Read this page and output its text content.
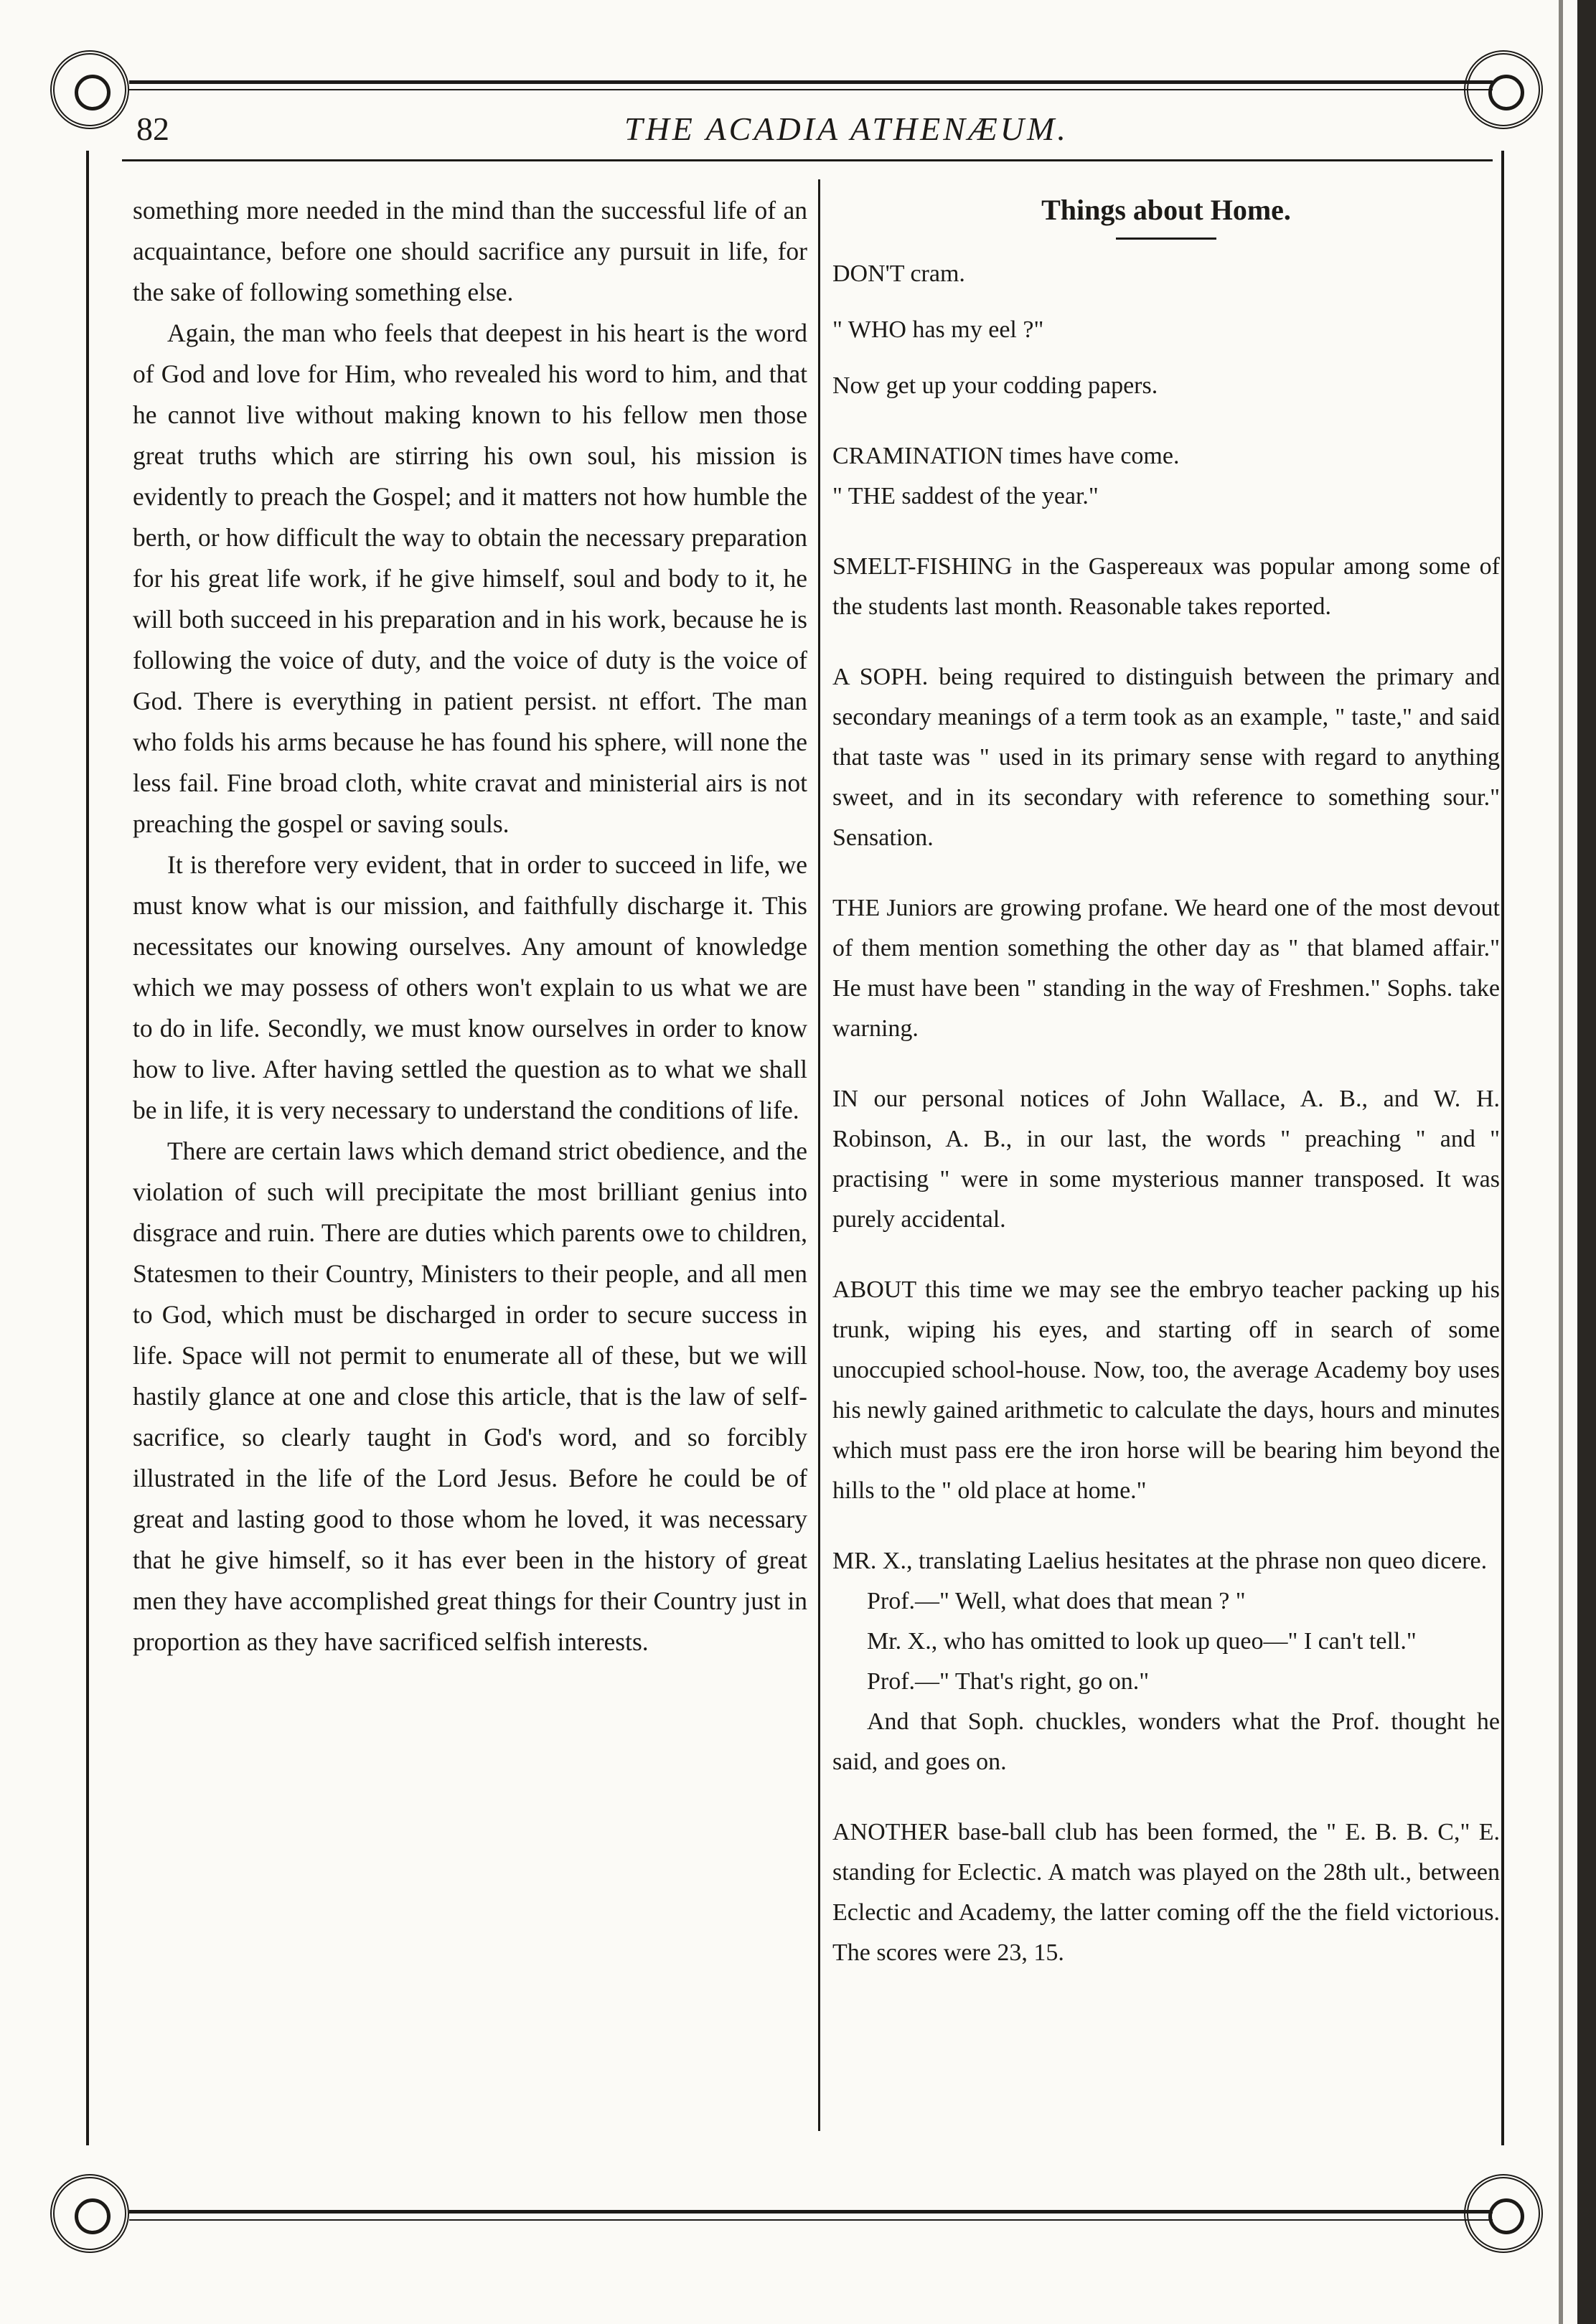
82	THE ACADIA ATHENÆUM.

something more needed in the mind than the successful life of an acquaintance, before one should sacrifice any pursuit in life, for the sake of following something else.

Again, the man who feels that deepest in his heart is the word of God and love for Him, who revealed his word to him, and that he cannot live without making known to his fellow men those great truths which are stirring his own soul, his mission is evidently to preach the Gospel; and it matters not how humble the berth, or how difficult the way to obtain the necessary preparation for his great life work, if he give himself, soul and body to it, he will both succeed in his preparation and in his work, because he is following the voice of duty, and the voice of duty is the voice of God. There is everything in patient persist. nt effort. The man who folds his arms because he has found his sphere, will none the less fail. Fine broad cloth, white cravat and ministerial airs is not preaching the gospel or saving souls.

It is therefore very evident, that in order to succeed in life, we must know what is our mission, and faithfully discharge it. This necessitates our knowing ourselves. Any amount of knowledge which we may possess of others won't explain to us what we are to do in life. Secondly, we must know ourselves in order to know how to live. After having settled the question as to what we shall be in life, it is very necessary to understand the conditions of life.

There are certain laws which demand strict obedience, and the violation of such will precipitate the most brilliant genius into disgrace and ruin. There are duties which parents owe to children, Statesmen to their Country, Ministers to their people, and all men to God, which must be discharged in order to secure success in life. Space will not permit to enumerate all of these, but we will hastily glance at one and close this article, that is the law of self-sacrifice, so clearly taught in God's word, and so forcibly illustrated in the life of the Lord Jesus. Before he could be of great and lasting good to those whom he loved, it was necessary that he give himself, so it has ever been in the history of great men they have accomplished great things for their Country just in proportion as they have sacrificed selfish interests.

Things about Home.

DON'T cram.

" WHO has my eel ?"

Now get up your codding papers.

CRAMINATION times have come.

" THE saddest of the year."

SMELT-FISHING in the Gaspereaux was popular among some of the students last month. Reasonable takes reported.

A SOPH. being required to distinguish between the primary and secondary meanings of a term took as an example, " taste," and said that taste was " used in its primary sense with regard to anything sweet, and in its secondary with reference to something sour." Sensation.

THE Juniors are growing profane. We heard one of the most devout of them mention something the other day as " that blamed affair." He must have been " standing in the way of Freshmen." Sophs. take warning.

IN our personal notices of John Wallace, A. B., and W. H. Robinson, A. B., in our last, the words " preaching " and " practising " were in some mysterious manner transposed. It was purely accidental.

ABOUT this time we may see the embryo teacher packing up his trunk, wiping his eyes, and starting off in search of some unoccupied school-house. Now, too, the average Academy boy uses his newly gained arithmetic to calculate the days, hours and minutes which must pass ere the iron horse will be bearing him beyond the hills to the " old place at home."

MR. X., translating Laelius hesitates at the phrase non queo dicere.

Prof.—" Well, what does that mean ? "

Mr. X., who has omitted to look up queo—" I can't tell."

Prof.—" That's right, go on."

And that Soph. chuckles, wonders what the Prof. thought he said, and goes on.

ANOTHER base-ball club has been formed, the " E. B. B. C," E. standing for Eclectic. A match was played on the 28th ult., between Eclectic and Academy, the latter coming off the the field victorious. The scores were 23, 15.
